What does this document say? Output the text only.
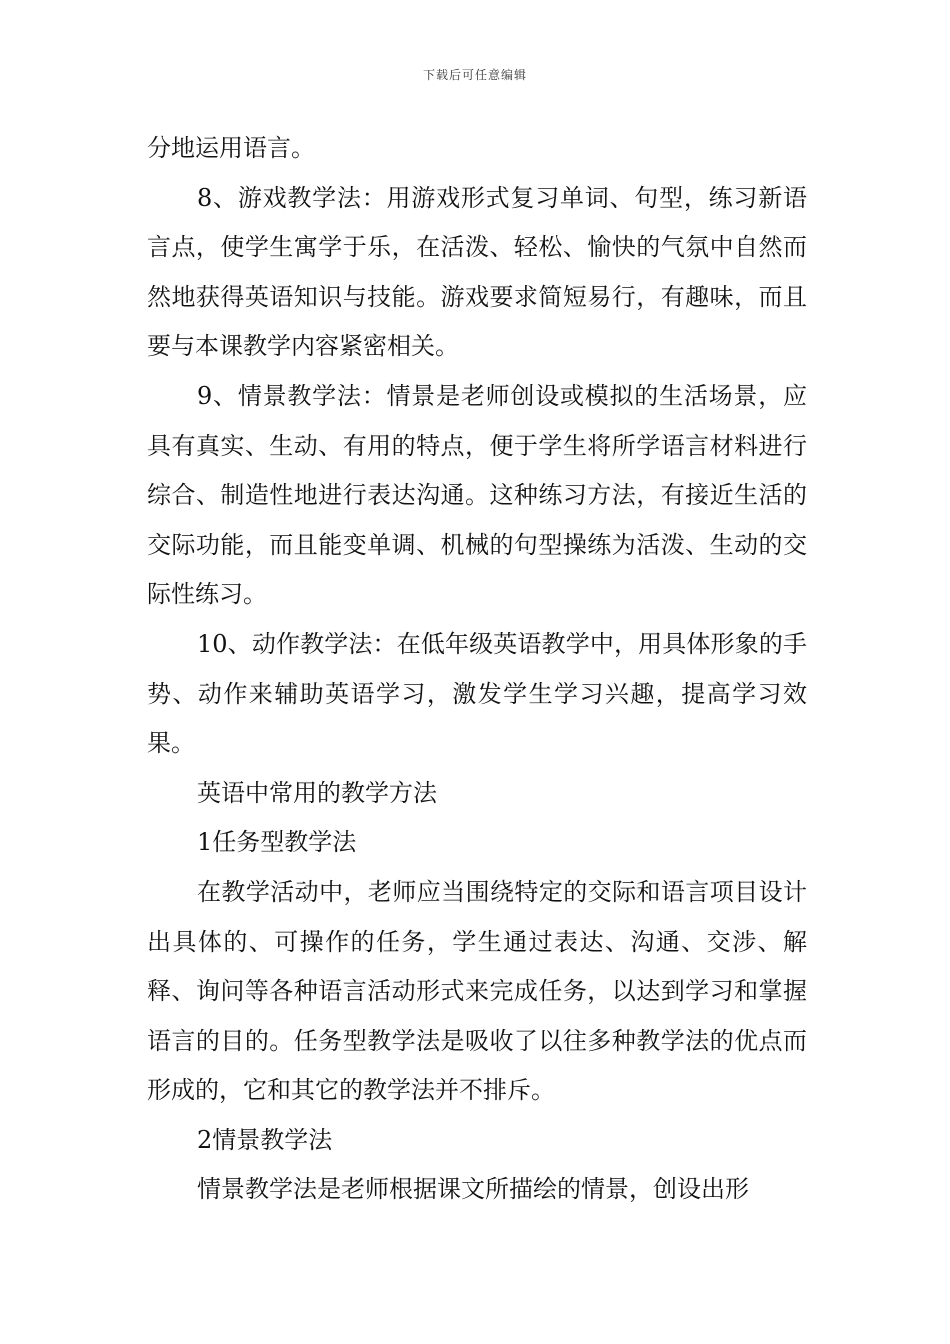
下载后可任意编辑

分地运用语言。

8、游戏教学法：用游戏形式复习单词、句型，练习新语言点，使学生寓学于乐，在活泼、轻松、愉快的气氛中自然而然地获得英语知识与技能。游戏要求简短易行，有趣味，而且要与本课教学内容紧密相关。

9、情景教学法：情景是老师创设或模拟的生活场景，应具有真实、生动、有用的特点，便于学生将所学语言材料进行综合、制造性地进行表达沟通。这种练习方法，有接近生活的交际功能，而且能变单调、机械的句型操练为活泼、生动的交际性练习。

10、动作教学法：在低年级英语教学中，用具体形象的手势、动作来辅助英语学习，激发学生学习兴趣，提高学习效果。

英语中常用的教学方法

1任务型教学法

在教学活动中，老师应当围绕特定的交际和语言项目设计出具体的、可操作的任务，学生通过表达、沟通、交涉、解释、询问等各种语言活动形式来完成任务，以达到学习和掌握语言的目的。任务型教学法是吸收了以往多种教学法的优点而形成的，它和其它的教学法并不排斥。

2情景教学法

情景教学法是老师根据课文所描绘的情景，创设出形
